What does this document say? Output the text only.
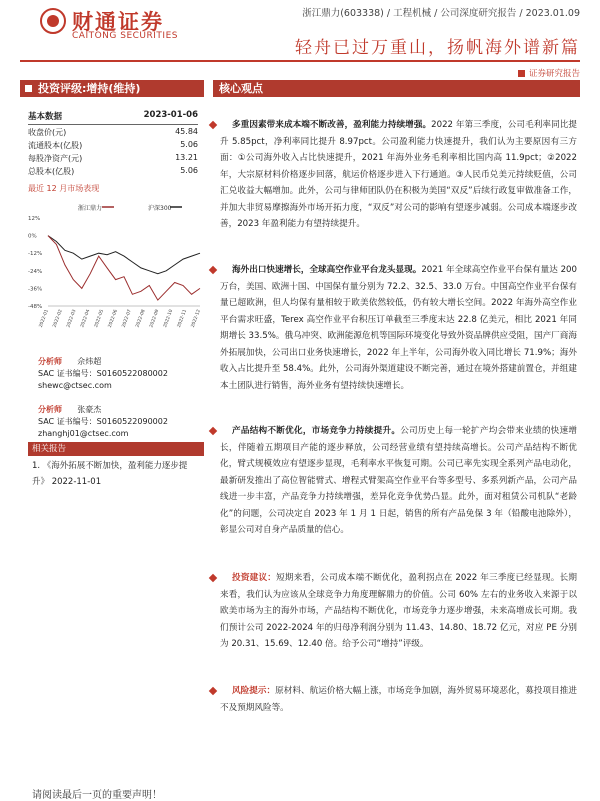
财通证券
CAITONG SECURITIES
浙江鼎力(603338) / 工程机械 / 公司深度研究报告 / 2023.01.09
轻舟已过万重山，扬帆海外谱新篇
证券研究报告
投资评级:增持(维持)
基本数据	2023-01-06
收盘价(元)	45.84
流通股本(亿股)	5.06
每股净资产(元)	13.21
总股本(亿股)	5.06
最近 12 月市场表现
浙江鼎力	沪深300
12%
0%
-12%
-24%
-36%
-48%
2022-01 2022-02 2022-03 2022-04 2022-05 2022-06 2022-07 2022-08 2022-09 2022-10 2022-11 2022-12
分析师 佘炜超
SAC 证书编号：S0160522080002
shewc@ctsec.com
分析师 张豪杰
SAC 证书编号：S0160522090002
zhanghj01@ctsec.com
相关报告
1. 《海外拓展不断加快，盈利能力逐步提升》 2022-11-01
核心观点
多重因素带来成本端不断改善，盈利能力持续增强。2022 年第三季度，公司毛利率同比提升 5.85pct，净利率同比提升 8.97pct。公司盈利能力快速提升，我们认为主要原因有三方面：①公司海外收入占比快速提升，2021 年海外业务毛利率相比国内高 11.9pct；②2022 年，大宗原材料价格逐步回落，航运价格逐步进入下行通道。③人民币兑美元持续贬值，公司汇兑收益大幅增加。此外，公司与律师团队仍在积极为美国“双反”后续行政复审做准备工作，并加大非贸易摩擦海外市场开拓力度，“双反”对公司的影响有望逐步减弱。公司成本端逐步改善，2023 年盈利能力有望持续提升。
海外出口快速增长，全球高空作业平台龙头显现。2021 年全球高空作业平台保有量达 200 万台，美国、欧洲十国、中国保有量分别为 72.2、32.5、33.0 万台。中国高空作业平台保有量已超欧洲，但人均保有量相较于欧美依然较低，仍有较大增长空间。2022 年海外高空作业平台需求旺盛，Terex 高空作业平台积压订单截至三季度末达 22.8 亿美元，相比 2021 年同期增长 33.5%。俄乌冲突、欧洲能源危机等国际环境变化导致外资品牌供应受阻，国产厂商海外拓展加快，公司出口业务快速增长，2022 年上半年，公司海外收入同比增长 71.9%；海外收入占比提升至 58.4%。此外，公司海外渠道建设不断完善，通过在境外搭建前置仓，并组建本土团队进行销售，海外业务有望持续快速增长。
产品结构不断优化，市场竞争力持续提升。公司历史上每一轮扩产均会带来业绩的快速增长，伴随着五期项目产能的逐步释放，公司经营业绩有望持续高增长。公司产品结构不断优化，臂式规模效应有望逐步显现，毛利率水平恢复可期。公司已率先实现全系列产品电动化，最新研发推出了高位智能臂式、增程式臂架高空作业平台等多型号、多系列新产品，公司产品线进一步丰富，产品竞争力持续增强，差异化竞争优势凸显。此外，面对租赁公司机队“老龄化”的问题，公司决定自 2023 年 1 月 1 日起，销售的所有产品免保 3 年（铅酸电池除外），彰显公司对自身产品质量的信心。
投资建议：短期来看，公司成本端不断优化，盈利拐点在 2022 年三季度已经显现。长期来看，我们认为应该从全球竞争力角度理解鼎力的价值。公司 60% 左右的业务收入来源于以欧美市场为主的海外市场，产品结构不断优化，市场竞争力逐步增强，未来高增成长可期。我们预计公司 2022-2024 年的归母净利润分别为 11.43、14.80、18.72 亿元，对应 PE 分别为 20.31、15.69、12.40 倍。给予公司“增持”评级。
风险提示：原材料、航运价格大幅上涨，市场竞争加剧，海外贸易环境恶化，募投项目推进不及预期风险等。
请阅读最后一页的重要声明！
